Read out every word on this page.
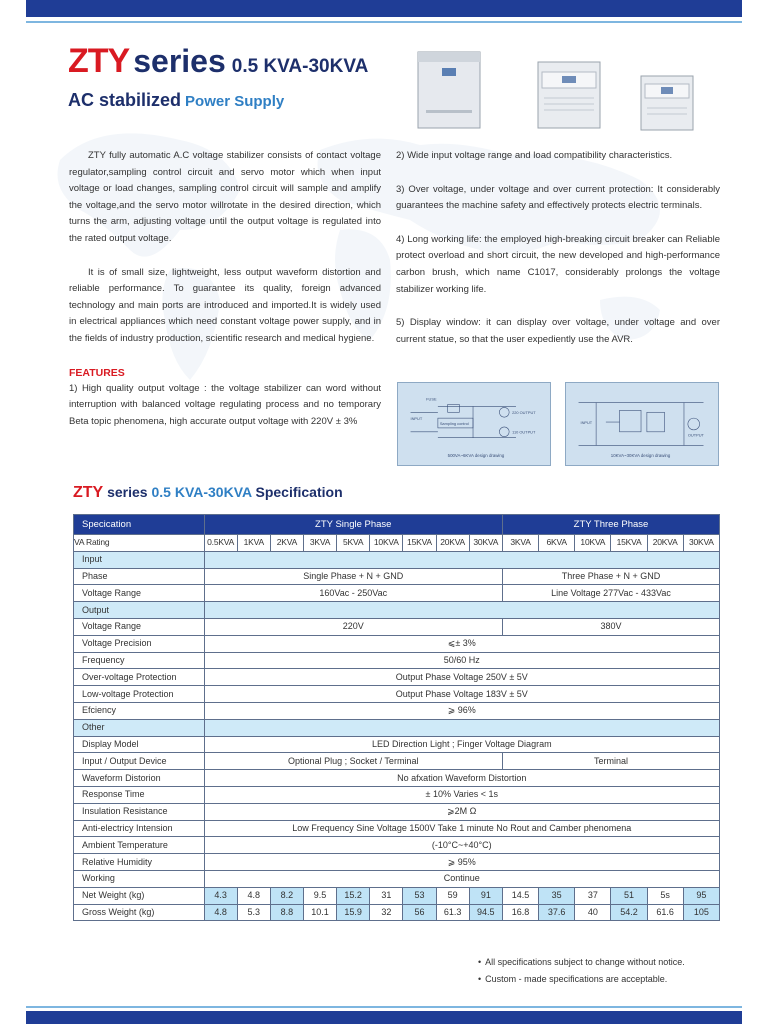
ZTY series 0.5 KVA-30KVA
AC stabilized Power Supply

ZTY fully automatic A.C voltage stabilizer consists of contact voltage regulator,sampling control circuit and servo motor which when input voltage or load changes, sampling control circuit will sample and amplify the voltage,and the servo motor willrotate in the desired direction, which turns the arm, adjusting voltage until the output voltage is regulated into the rated output voltage.

It is of small size, lightweight, less output waveform distortion and reliable performance. To guarantee its quality, foreign advanced technology and main ports are introduced and imported.It is widely used in electrical appliances which need constant voltage power supply, and in the fields of industry production, scientific research and medical hygiene.

FEATURES

1) High quality output voltage : the voltage stabilizer can word without interruption with balanced voltage regulating process and no temporary Beta topic phenomena, high accurate output voltage with 220V ± 3%

2) Wide input voltage range and load compatibility characteristics.

3) Over voltage, under voltage and over current protection: It considerably guarantees the machine safety and effectively protects electric terminals.

4) Long working life: the employed high-breaking circuit breaker can Reliable protect overload and short circuit, the new developed and high-performance carbon brush, which name C1017, considerably prolongs the voltage stabilizer working life.

5) Display window: it can display over voltage, under voltage and over current statue, so that the user expediently use the AVR.

FUSE
INPUT
Sampling control
220 OUTPUT
110 OUTPUT
500VA~6KVA design drawing
INPUT
OUTPUT
10KVA~30KVA design drawing
ZTY series 0.5 KVA-30KVA Specification
Specication	ZTY Single Phase									ZTY Three Phase					
VA Rating	0.5KVA	1KVA	2KVA	3KVA	5KVA	10KVA	15KVA	20KVA	30KVA	3KVA	6KVA	10KVA	15KVA	20KVA	30KVA
Input															
Phase	Single Phase + N + GND									Three Phase + N + GND					
Voltage Range	160Vac - 250Vac									Line Voltage 277Vac - 433Vac					
Output															
Voltage Range	220V									380V					
Voltage Precision	⩽± 3%														
Frequency	50/60 Hz														
Over-voltage Protection	Output Phase Voltage 250V ± 5V														
Low-voltage Protection	Output Phase Voltage 183V ± 5V														
Efciency	⩾ 96%														
Other															
Display Model	LED Direction Light ; Finger Voltage Diagram														
Input / Output Device	Optional Plug ; Socket / Terminal									Terminal					
Waveform Distorion	No afxation Waveform Distortion														
Response Time	± 10% Varies < 1s														
Insulation Resistance	⩾2M Ω														
Anti-electricy Intension	Low Frequency Sine Voltage 1500V Take 1 minute No Rout and Camber phenomena														
Ambient Temperature	(-10°C~+40°C)														
Relative Humidity	⩾ 95%														
Working	Continue														
Net Weight (kg)	4.3	4.8	8.2	9.5	15.2	31	53	59	91	14.5	35	37	51	5s	95
Gross Weight (kg)	4.8	5.3	8.8	10.1	15.9	32	56	61.3	94.5	16.8	37.6	40	54.2	61.6	105
• All specifications subject to change without notice.
• Custom - made specifications are acceptable.
